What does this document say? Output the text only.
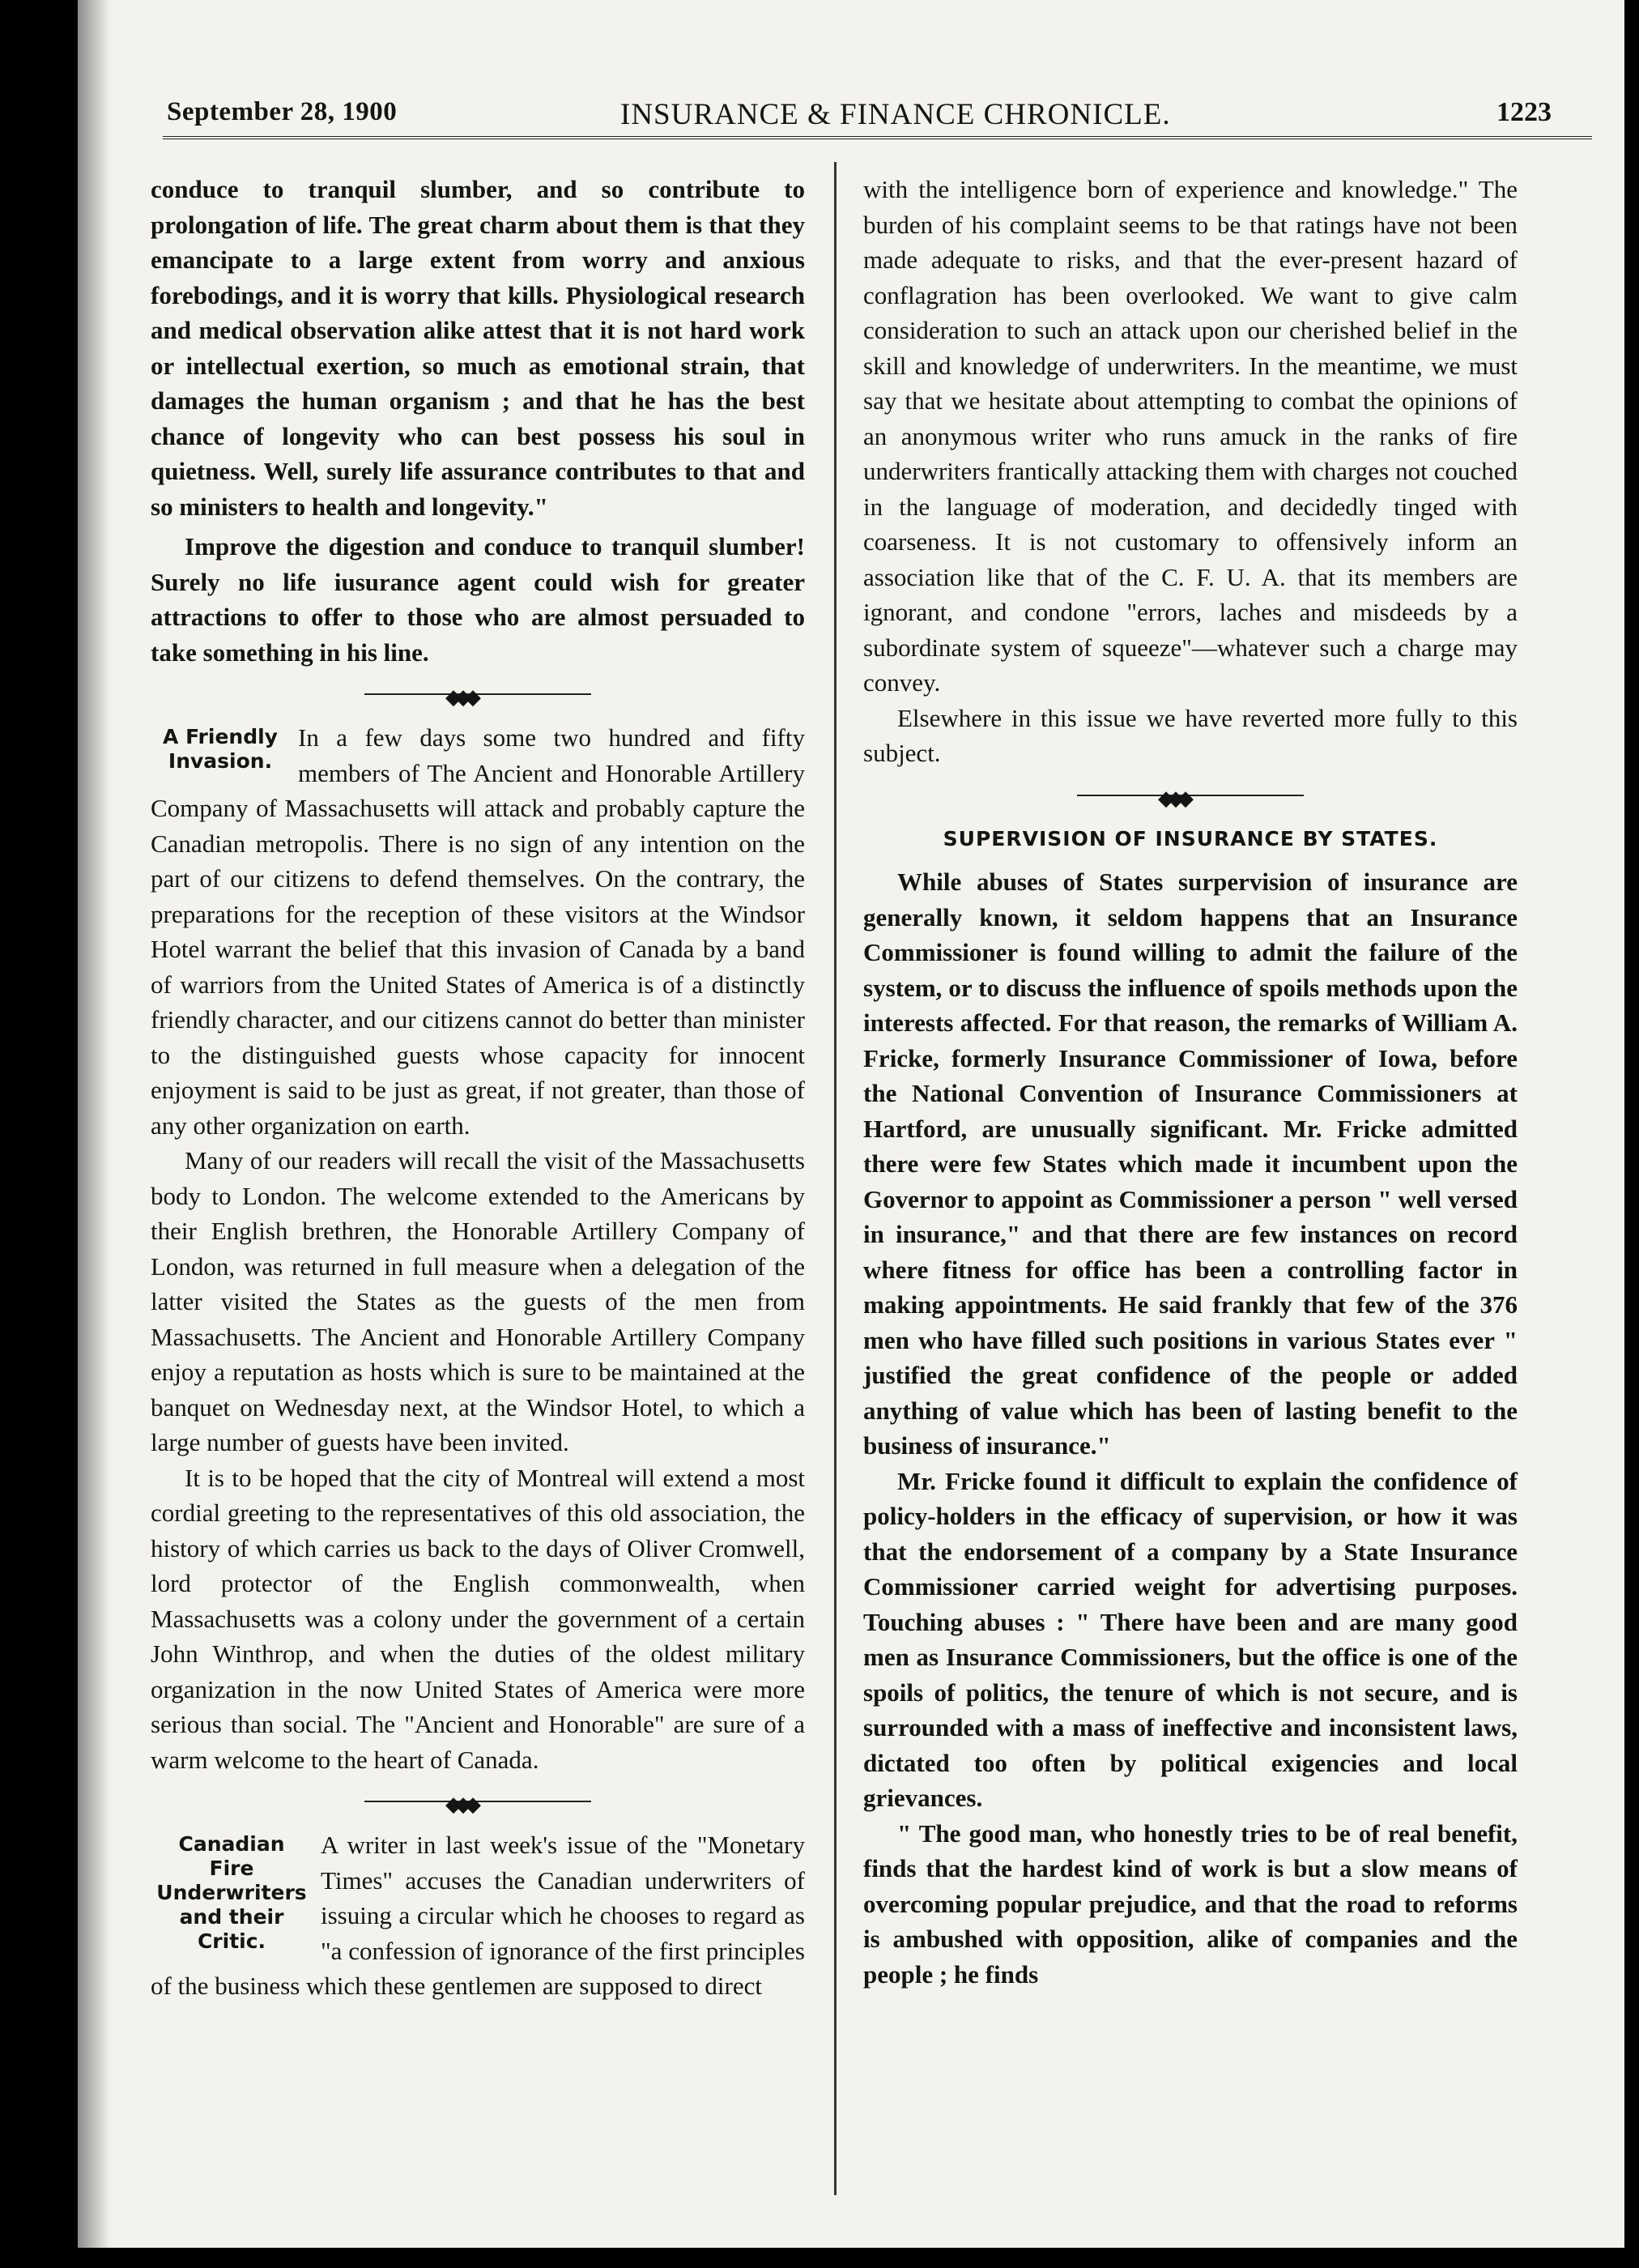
September 28, 1900	INSURANCE & FINANCE CHRONICLE.	1223

conduce to tranquil slumber, and so contribute to prolongation of life. The great charm about them is that they emancipate to a large extent from worry and anxious forebodings, and it is worry that kills. Physiological research and medical observation alike attest that it is not hard work or intellectual exertion, so much as emotional strain, that damages the human organism ; and that he has the best chance of longevity who can best possess his soul in quietness. Well, surely life assurance contributes to that and so ministers to health and longevity."

Improve the digestion and conduce to tranquil slumber! Surely no life iusurance agent could wish for greater attractions to offer to those who are almost persuaded to take something in his line.

◆◆◆

A Friendly
Invasion.
In a few days some two hundred and fifty members of The Ancient and Honorable Artillery Company of Massachusetts will attack and probably capture the Canadian metropolis. There is no sign of any intention on the part of our citizens to defend themselves. On the contrary, the preparations for the reception of these visitors at the Windsor Hotel warrant the belief that this invasion of Canada by a band of warriors from the United States of America is of a distinctly friendly character, and our citizens cannot do better than minister to the distinguished guests whose capacity for innocent enjoyment is said to be just as great, if not greater, than those of any other organization on earth.

Many of our readers will recall the visit of the Massachusetts body to London. The welcome extended to the Americans by their English brethren, the Honorable Artillery Company of London, was returned in full measure when a delegation of the latter visited the States as the guests of the men from Massachusetts. The Ancient and Honorable Artillery Company enjoy a reputation as hosts which is sure to be maintained at the banquet on Wednesday next, at the Windsor Hotel, to which a large number of guests have been invited.

It is to be hoped that the city of Montreal will extend a most cordial greeting to the representatives of this old association, the history of which carries us back to the days of Oliver Cromwell, lord protector of the English commonwealth, when Massachusetts was a colony under the government of a certain John Winthrop, and when the duties of the oldest military organization in the now United States of America were more serious than social. The "Ancient and Honorable" are sure of a warm welcome to the heart of Canada.

◆◆◆

Canadian
Fire Underwriters
and their Critic.
A writer in last week's issue of the "Monetary Times" accuses the Canadian underwriters of issuing a circular which he chooses to regard as "a confession of ignorance of the first principles of the business which these gentlemen are supposed to direct

with the intelligence born of experience and knowledge." The burden of his complaint seems to be that ratings have not been made adequate to risks, and that the ever-present hazard of conflagration has been overlooked. We want to give calm consideration to such an attack upon our cherished belief in the skill and knowledge of underwriters. In the meantime, we must say that we hesitate about attempting to combat the opinions of an anonymous writer who runs amuck in the ranks of fire underwriters frantically attacking them with charges not couched in the language of moderation, and decidedly tinged with coarseness. It is not customary to offensively inform an association like that of the C. F. U. A. that its members are ignorant, and condone "errors, laches and misdeeds by a subordinate system of squeeze"—whatever such a charge may convey.

Elsewhere in this issue we have reverted more fully to this subject.

◆◆◆
SUPERVISION OF INSURANCE BY STATES.

While abuses of States surpervision of insurance are generally known, it seldom happens that an Insurance Commissioner is found willing to admit the failure of the system, or to discuss the influence of spoils methods upon the interests affected. For that reason, the remarks of William A. Fricke, formerly Insurance Commissioner of Iowa, before the National Convention of Insurance Commissioners at Hartford, are unusually significant. Mr. Fricke admitted there were few States which made it incumbent upon the Governor to appoint as Commissioner a person " well versed in insurance," and that there are few instances on record where fitness for office has been a controlling factor in making appointments. He said frankly that few of the 376 men who have filled such positions in various States ever " justified the great confidence of the people or added anything of value which has been of lasting benefit to the business of insurance."

Mr. Fricke found it difficult to explain the confidence of policy-holders in the efficacy of supervision, or how it was that the endorsement of a company by a State Insurance Commissioner carried weight for advertising purposes. Touching abuses : " There have been and are many good men as Insurance Commissioners, but the office is one of the spoils of politics, the tenure of which is not secure, and is surrounded with a mass of ineffective and inconsistent laws, dictated too often by political exigencies and local grievances.

" The good man, who honestly tries to be of real benefit, finds that the hardest kind of work is but a slow means of overcoming popular prejudice, and that the road to reforms is ambushed with opposition, alike of companies and the people ; he finds
